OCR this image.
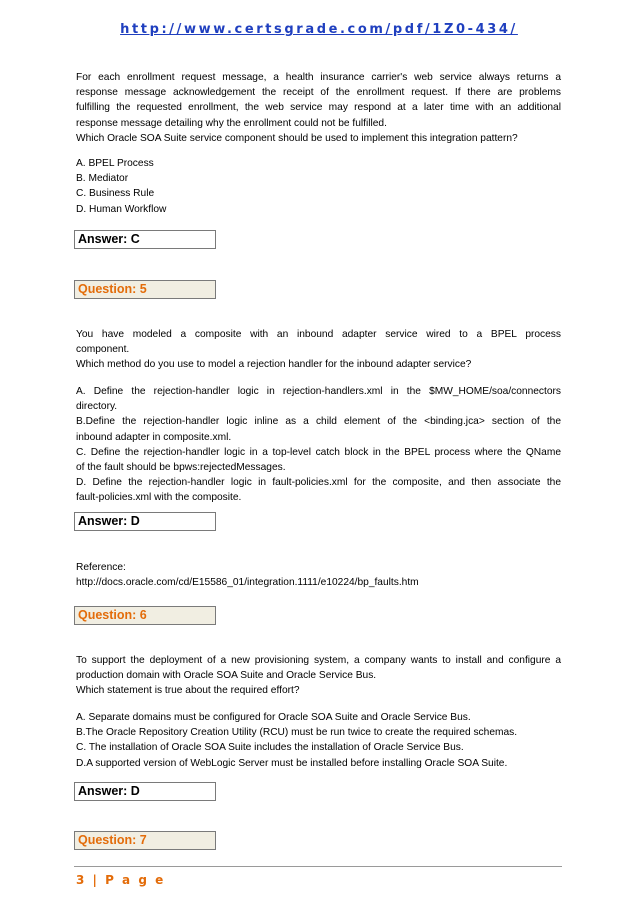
http://www.certsgrade.com/pdf/1Z0-434/
For each enrollment request message, a health insurance carrier's web service always returns a
response message acknowledgement the receipt of the enrollment request. If there are problems
fulfilling the requested enrollment, the web service may respond at a later time with an additional
response message detailing why the enrollment could not be fulfilled.
Which Oracle SOA Suite service component should be used to implement this integration pattern?
A. BPEL Process
B. Mediator
C. Business Rule
D. Human Workflow
Answer: C
Question: 5
You have modeled a composite with an inbound adapter service wired to a BPEL process
component.
Which method do you use to model a rejection handler for the inbound adapter service?
A. Define the rejection-handler logic in rejection-handlers.xml in the $MW_HOME/soa/connectors
directory.
B.Define the rejection-handler logic inline as a child element of the <binding.jca> section of the
inbound adapter in composite.xml.
C. Define the rejection-handler logic in a top-level catch block in the BPEL process where the QName
of the fault should be bpws:rejectedMessages.
D. Define the rejection-handler logic in fault-policies.xml for the composite, and then associate the
fault-policies.xml with the composite.
Answer: D
Reference:
http://docs.oracle.com/cd/E15586_01/integration.1111/e10224/bp_faults.htm
Question: 6
To support the deployment of a new provisioning system, a company wants to install and configure a
production domain with Oracle SOA Suite and Oracle Service Bus.
Which statement is true about the required effort?
A. Separate domains must be configured for Oracle SOA Suite and Oracle Service Bus.
B.The Oracle Repository Creation Utility (RCU) must be run twice to create the required schemas.
C. The installation of Oracle SOA Suite includes the installation of Oracle Service Bus.
D.A supported version of WebLogic Server must be installed before installing Oracle SOA Suite.
Answer: D
Question: 7
3 | P a g e
